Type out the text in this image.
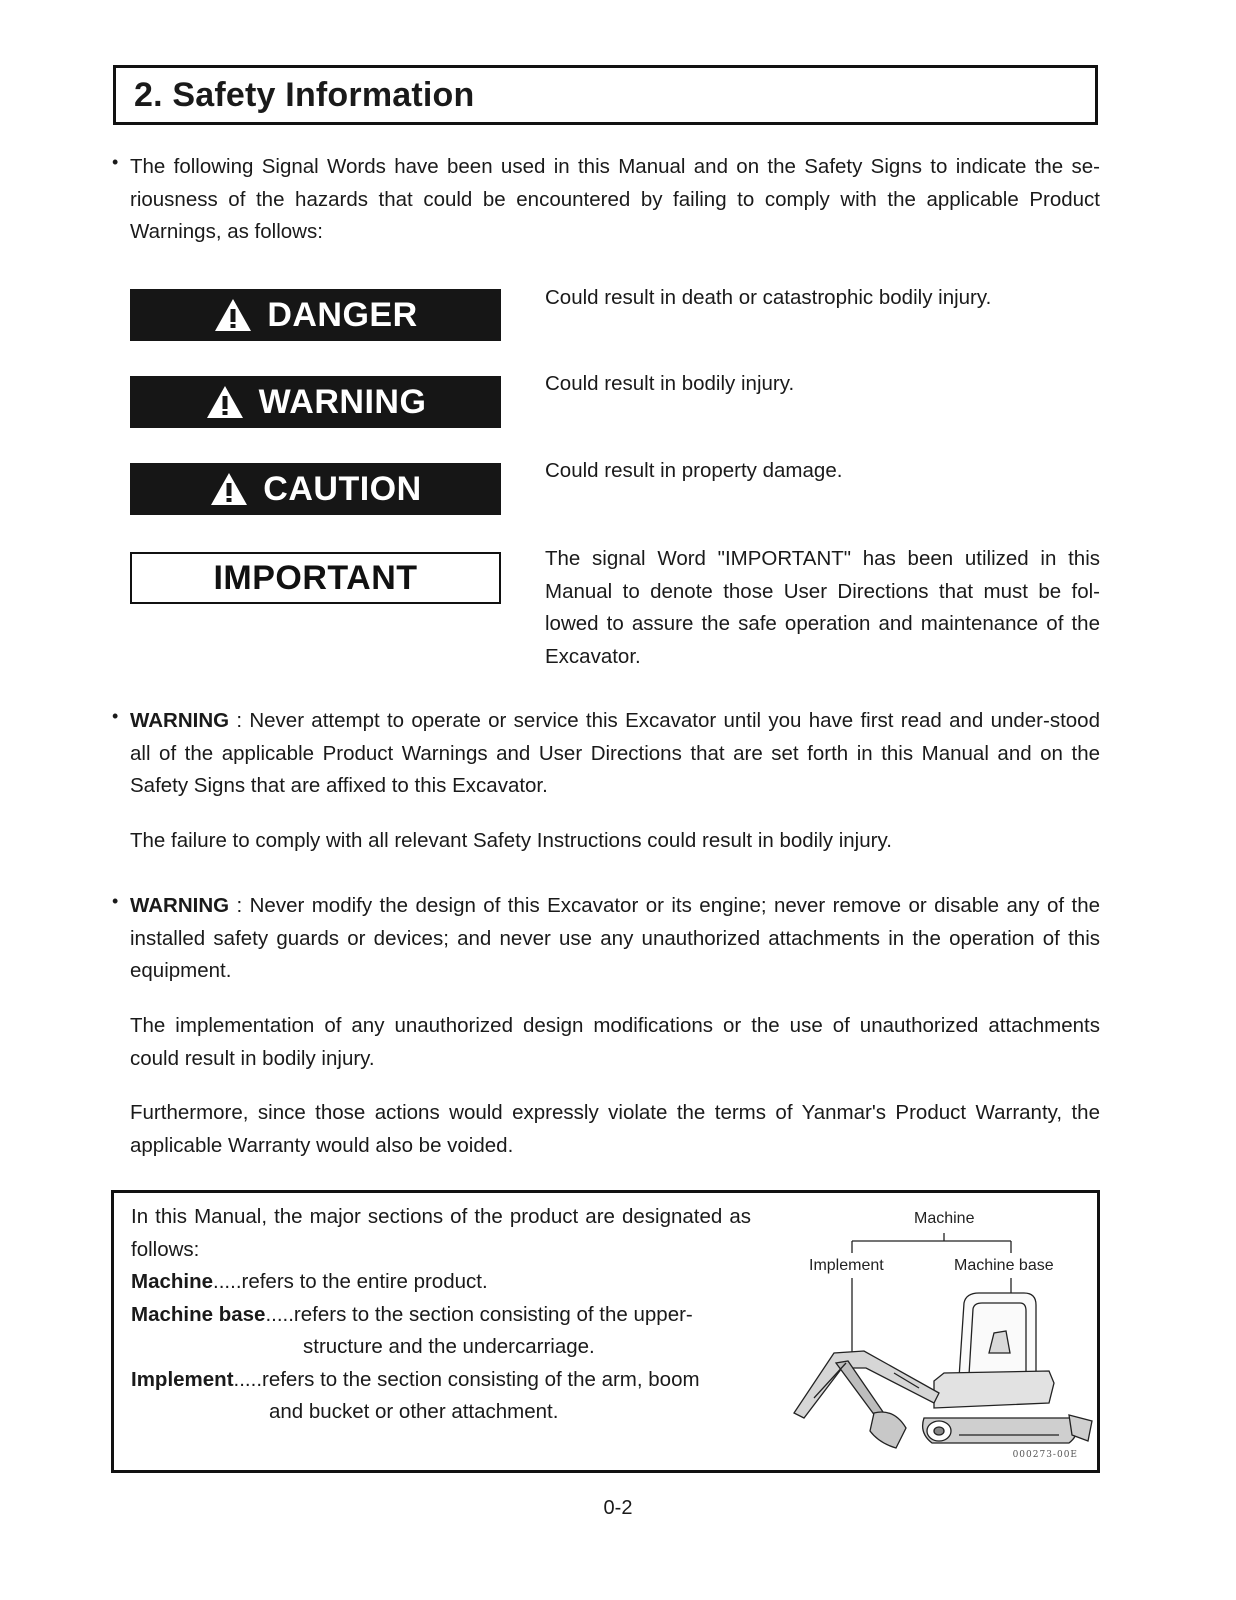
2. Safety Information
• The following Signal Words have been used in this Manual and on the Safety Signs to indicate the se-riousness of the hazards that could be encountered by failing to comply with the applicable Product Warnings, as follows:
DANGER	Could result in death or catastrophic bodily injury.
WARNING	Could result in bodily injury.
CAUTION	Could result in property damage.
IMPORTANT	The signal Word "IMPORTANT" has been utilized in this Manual to denote those User Directions that must be fol-lowed to assure the safe operation and maintenance of the Excavator.
• WARNING : Never attempt to operate or service this Excavator until you have first read and under-stood all of the applicable Product Warnings and User Directions that are set forth in this Manual and on the Safety Signs that are affixed to this Excavator.
The failure to comply with all relevant Safety Instructions could result in bodily injury.
• WARNING : Never modify the design of this Excavator or its engine; never remove or disable any of the installed safety guards or devices; and never use any unauthorized attachments in the operation of this equipment.
The implementation of any unauthorized design modifications or the use of unauthorized attachments could result in bodily injury.
Furthermore, since those actions would expressly violate the terms of Yanmar's Product Warranty, the applicable Warranty would also be voided.
In this Manual, the major sections of the product are designated as follows:
Machine.....refers to the entire product.
Machine base.....refers to the section consisting of the upper-
structure and the undercarriage.
Implement.....refers to the section consisting of the arm, boom
and bucket or other attachment.
Machine
Implement	Machine base
000273-00E
0-2
